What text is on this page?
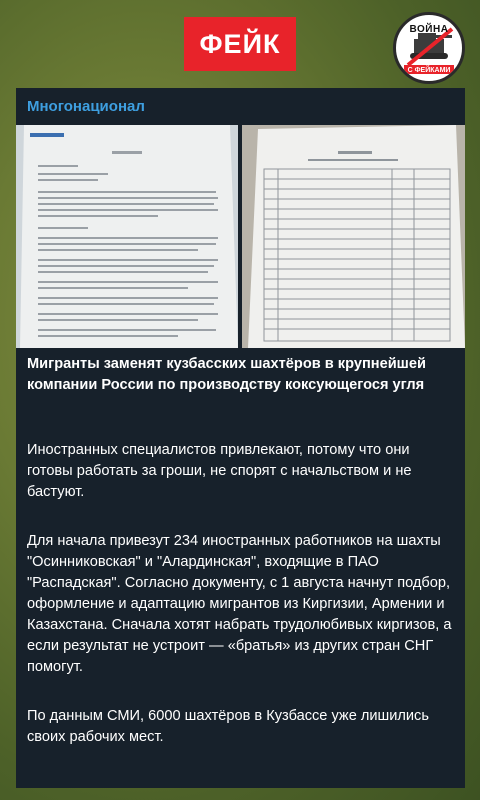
ФЕЙК	ВОЙНА
С ФЕЙКАМИ
Многонационал
Мигранты заменят кузбасских шахтёров в крупнейшей компании России по производству коксующегося угля
Иностранных специалистов привлекают, потому что они готовы работать за гроши, не спорят с начальством и не бастуют.
Для начала привезут 234 иностранных работников на шахты "Осинниковская" и "Алардинская", входящие в ПАО "Распадская". Согласно документу, с 1 августа начнут подбор, оформление и адаптацию мигрантов из Киргизии, Армении и Казахстана. Сначала хотят набрать трудолюбивых киргизов, а если результат не устроит — «братья» из других стран СНГ помогут.
По данным СМИ, 6000 шахтёров в Кузбассе уже лишились своих рабочих мест.
